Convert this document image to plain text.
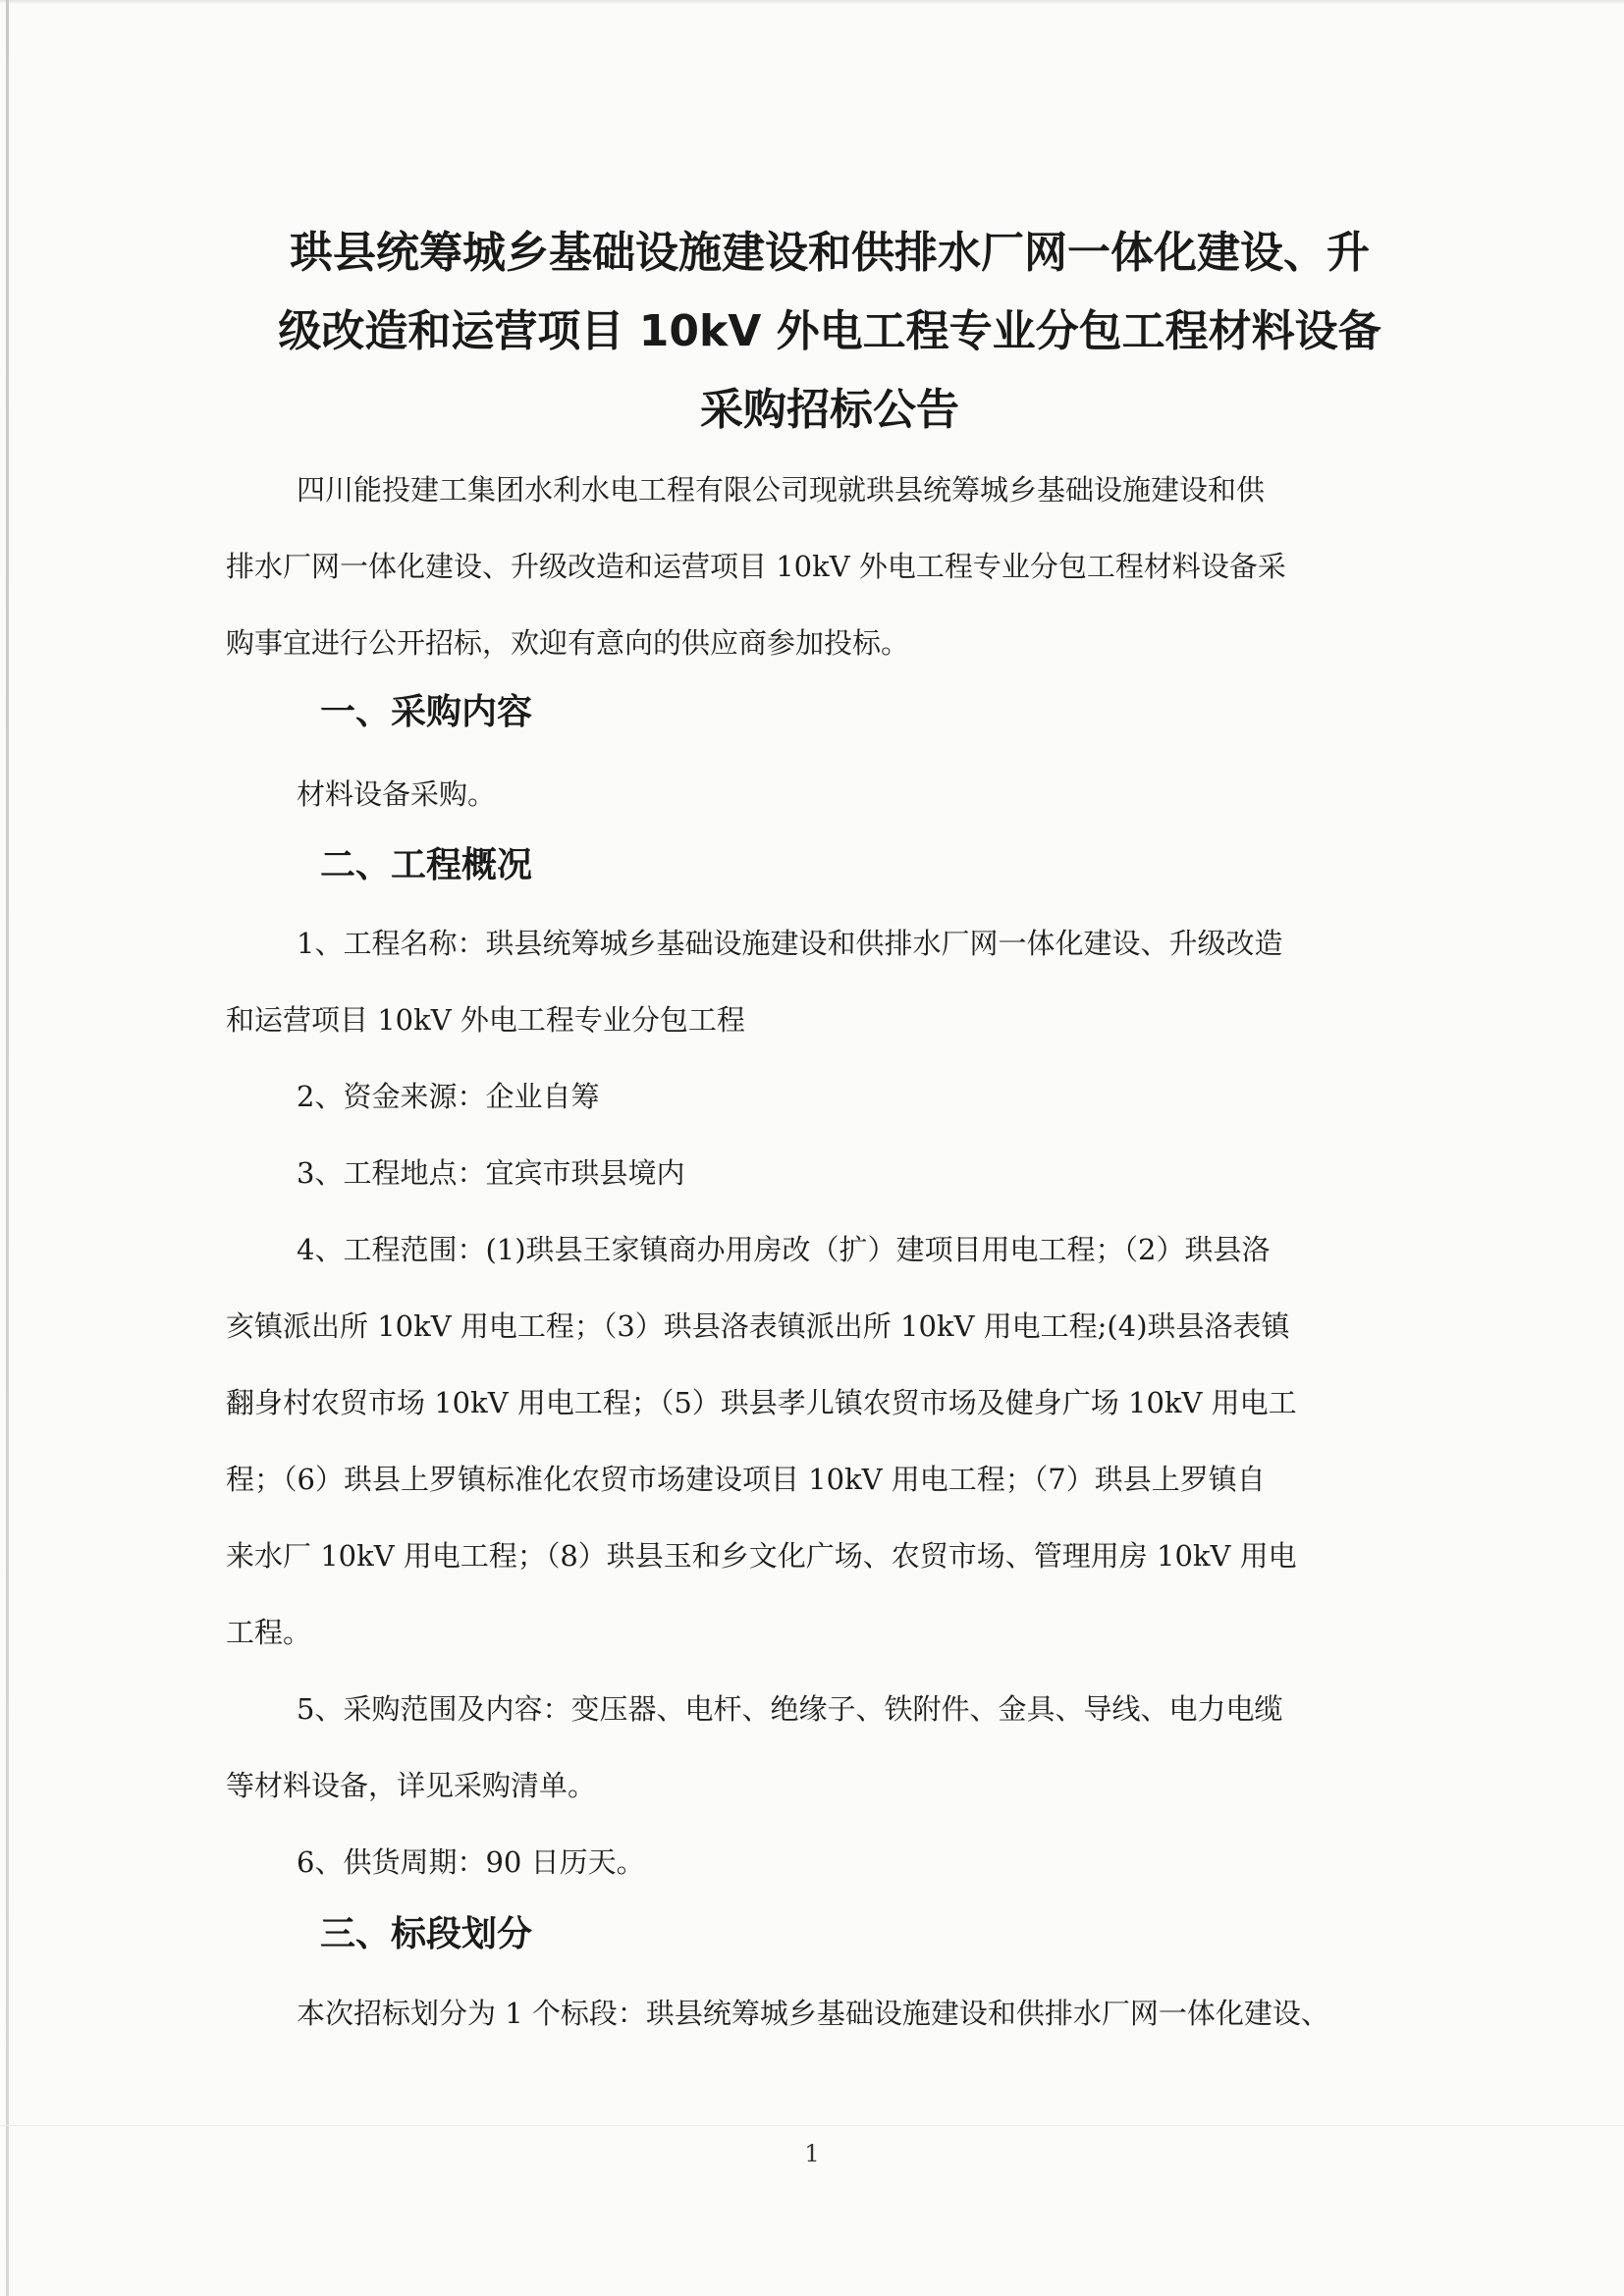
珙县统筹城乡基础设施建设和供排水厂网一体化建设、升
级改造和运营项目 10kV 外电工程专业分包工程材料设备
采购招标公告

四川能投建工集团水利水电工程有限公司现就珙县统筹城乡基础设施建设和供
排水厂网一体化建设、升级改造和运营项目 10kV 外电工程专业分包工程材料设备采
购事宜进行公开招标，欢迎有意向的供应商参加投标。

一、采购内容

材料设备采购。

二、工程概况

1、工程名称：珙县统筹城乡基础设施建设和供排水厂网一体化建设、升级改造
和运营项目 10kV 外电工程专业分包工程

2、资金来源：企业自筹

3、工程地点：宜宾市珙县境内

4、工程范围：(1)珙县王家镇商办用房改（扩）建项目用电工程；（2）珙县洛
亥镇派出所 10kV 用电工程；（3）珙县洛表镇派出所 10kV 用电工程;(4)珙县洛表镇
翻身村农贸市场 10kV 用电工程；（5）珙县孝儿镇农贸市场及健身广场 10kV 用电工
程；（6）珙县上罗镇标准化农贸市场建设项目 10kV 用电工程；（7）珙县上罗镇自
来水厂 10kV 用电工程；（8）珙县玉和乡文化广场、农贸市场、管理用房 10kV 用电
工程。

5、采购范围及内容：变压器、电杆、绝缘子、铁附件、金具、导线、电力电缆
等材料设备，详见采购清单。

6、供货周期：90 日历天。

三、标段划分

本次招标划分为 1 个标段：珙县统筹城乡基础设施建设和供排水厂网一体化建设、

1
